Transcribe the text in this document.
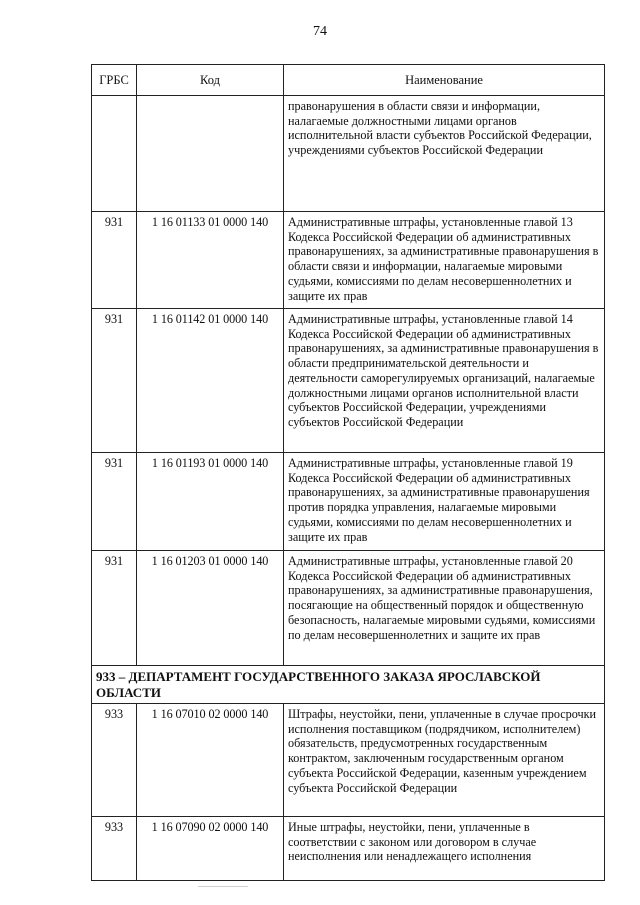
74
ГРБС	Код	Наименование
		правонарушения в области связи и информации, налагаемые должностными лицами органов исполнительной власти субъектов Российской Федерации, учреждениями субъектов Российской Федерации
931	1 16 01133 01 0000 140	Административные штрафы, установленные главой 13 Кодекса Российской Федерации об административных правонарушениях, за административные правонарушения в области связи и информации, налагаемые мировыми судьями, комиссиями по делам несовершеннолетних и защите их прав
931	1 16 01142 01 0000 140	Административные штрафы, установленные главой 14 Кодекса Российской Федерации об административных правонарушениях, за административные правонарушения в области предпринимательской деятельности и деятельности саморегулируемых организаций, налагаемые должностными лицами органов исполнительной власти субъектов Российской Федерации, учреждениями субъектов Российской Федерации
931	1 16 01193 01 0000 140	Административные штрафы, установленные главой 19 Кодекса Российской Федерации об административных правонарушениях, за административные правонарушения против порядка управления, налагаемые мировыми судьями, комиссиями по делам несовершеннолетних и защите их прав
931	1 16 01203 01 0000 140	Административные штрафы, установленные главой 20 Кодекса Российской Федерации об административных правонарушениях, за административные правонарушения, посягающие на общественный порядок и общественную безопасность, налагаемые мировыми судьями, комиссиями по делам несовершеннолетних и защите их прав
933 – ДЕПАРТАМЕНТ ГОСУДАРСТВЕННОГО ЗАКАЗА ЯРОСЛАВСКОЙ ОБЛАСТИ		
933	1 16 07010 02 0000 140	Штрафы, неустойки, пени, уплаченные в случае просрочки исполнения поставщиком (подрядчиком, исполнителем) обязательств, предусмотренных государственным контрактом, заключенным государственным органом субъекта Российской Федерации, казенным учреждением субъекта Российской Федерации
933	1 16 07090 02 0000 140	Иные штрафы, неустойки, пени, уплаченные в соответствии с законом или договором в случае неисполнения или ненадлежащего исполнения
